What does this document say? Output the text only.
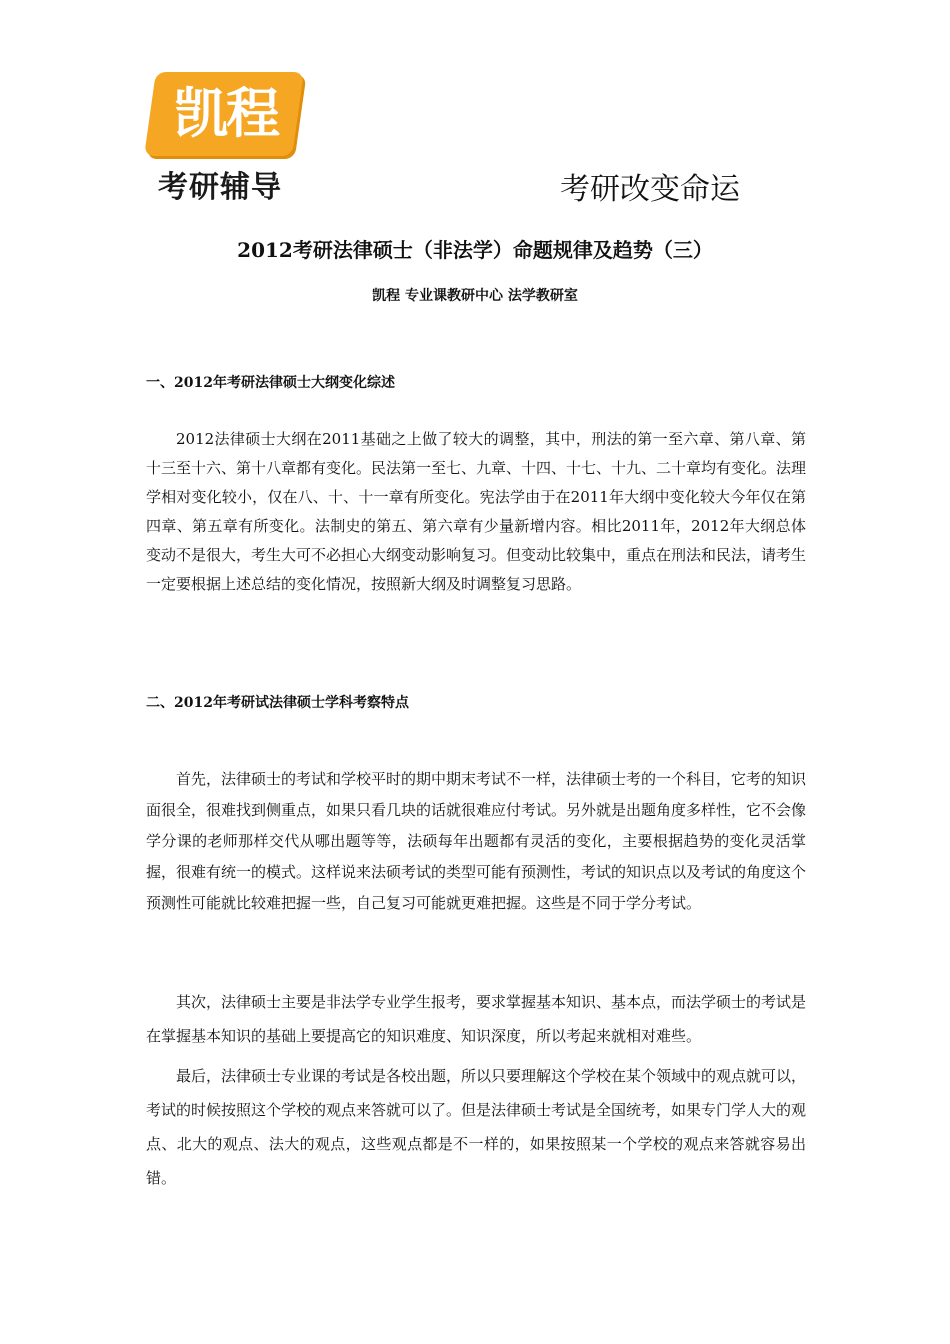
凯程
考研辅导	考研改变命运
2012考研法律硕士（非法学）命题规律及趋势（三）
凯程 专业课教研中心 法学教研室
一、2012年考研法律硕士大纲变化综述
2012法律硕士大纲在2011基础之上做了较大的调整，其中，刑法的第一至六章、第八章、第十三至十六、第十八章都有变化。民法第一至七、九章、十四、十七、十九、二十章均有变化。法理学相对变化较小，仅在八、十、十一章有所变化。宪法学由于在2011年大纲中变化较大今年仅在第四章、第五章有所变化。法制史的第五、第六章有少量新增内容。相比2011年，2012年大纲总体变动不是很大，考生大可不必担心大纲变动影响复习。但变动比较集中，重点在刑法和民法，请考生一定要根据上述总结的变化情况，按照新大纲及时调整复习思路。
二、2012年考研试法律硕士学科考察特点
首先，法律硕士的考试和学校平时的期中期末考试不一样，法律硕士考的一个科目，它考的知识面很全，很难找到侧重点，如果只看几块的话就很难应付考试。另外就是出题角度多样性，它不会像学分课的老师那样交代从哪出题等等，法硕每年出题都有灵活的变化，主要根据趋势的变化灵活掌握，很难有统一的模式。这样说来法硕考试的类型可能有预测性，考试的知识点以及考试的角度这个预测性可能就比较难把握一些，自己复习可能就更难把握。这些是不同于学分考试。
其次，法律硕士主要是非法学专业学生报考，要求掌握基本知识、基本点，而法学硕士的考试是在掌握基本知识的基础上要提高它的知识难度、知识深度，所以考起来就相对难些。
最后，法律硕士专业课的考试是各校出题，所以只要理解这个学校在某个领域中的观点就可以，考试的时候按照这个学校的观点来答就可以了。但是法律硕士考试是全国统考，如果专门学人大的观点、北大的观点、法大的观点，这些观点都是不一样的，如果按照某一个学校的观点来答就容易出错。
